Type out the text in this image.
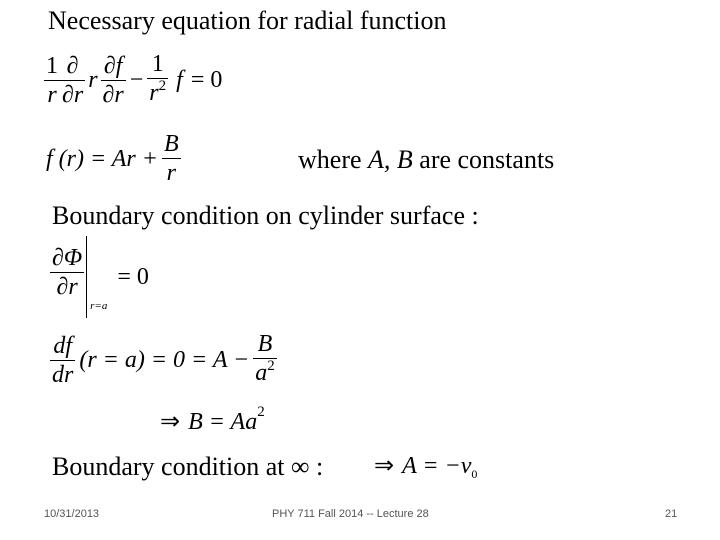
Necessary equation for radial function
$\frac{1}{r} \frac{\partial}{\partial r}$ r $\frac{\partial f}{\partial r} - \frac{1}{r^2}$ f = 0
f $(r) = Ar + \frac{B}{r}$	where A, B are constants
Boundary condition on cylinder surface :
$\frac{\partial\Phi}{\partial r}$
r=a
= 0
$\frac{df}{dr} (r = a) = 0 = A - \frac{B}{a^2}$
⇒ B = Aa 2
Boundary condition at ∞ : ⇒ A = −v 0
10/31/2013	PHY 711 Fall 2014 -- Lecture 28	21
